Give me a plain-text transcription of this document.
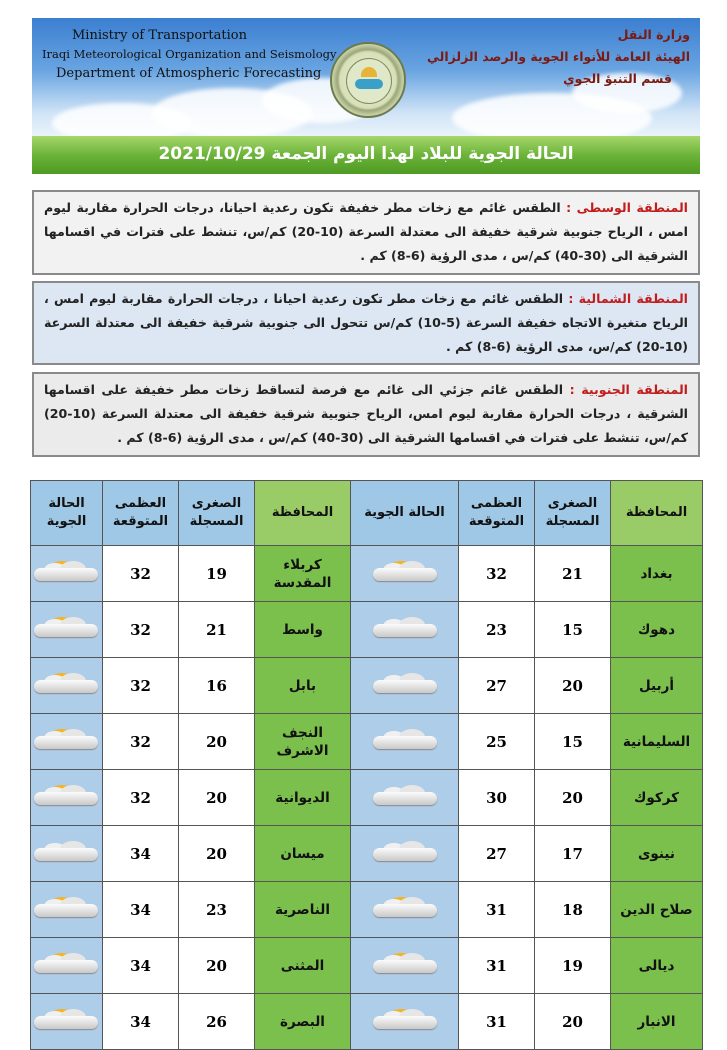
Ministry of Transportation
Iraqi Meteorological Organization and Seismology
Department of Atmospheric Forecasting
وزارة النقل
الهيئة العامة للأنواء الجوية والرصد الزلزالي
قسم التنبؤ الجوي
الحالة الجوية للبلاد لهذا اليوم الجمعة 2021/10/29
المنطقة الوسطى : الطقس غائم مع زخات مطر خفيفة تكون رعدية احيانا، درجات الحرارة مقاربة ليوم امس ، الرياح جنوبية شرقية خفيفة الى معتدلة السرعة (10-20) كم/س، تنشط على فترات في اقسامها الشرقية الى (30-40) كم/س ، مدى الرؤية (6-8) كم .
المنطقة الشمالية : الطقس غائم مع زخات مطر تكون رعدية احيانا ، درجات الحرارة مقاربة ليوم امس ، الرياح متغيرة الاتجاه خفيفة السرعة (5-10) كم/س تتحول الى جنوبية شرقية خفيفة الى معتدلة السرعة (10-20) كم/س، مدى الرؤية (6-8) كم .
المنطقة الجنوبية : الطقس غائم جزئي الى غائم مع فرصة لتساقط زخات مطر خفيفة على اقسامها الشرقية ، درجات الحرارة مقاربة ليوم امس، الرياح جنوبية شرقية خفيفة الى معتدلة السرعة (10-20) كم/س، تنشط على فترات في اقسامها الشرقية الى (30-40) كم/س ، مدى الرؤية (6-8) كم .
المحافظة	الصغرى المسجلة	العظمى المتوقعة	الحالة الجوية	المحافظة	الصغرى المسجلة	العظمى المتوقعة	الحالة الجوية
بغداد	21	32		كربلاء المقدسة	19	32	

دهوك	15	23		واسط	21	32	

أربيل	20	27		بابل	16	32	

السليمانية	15	25		النجف الاشرف	20	32	

كركوك	20	30		الديوانية	20	32	

نينوى	17	27		ميسان	20	34	

صلاح الدين	18	31		الناصرية	23	34	

ديالى	19	31		المثنى	20	34	

الانبار	20	31		البصرة	26	34	
